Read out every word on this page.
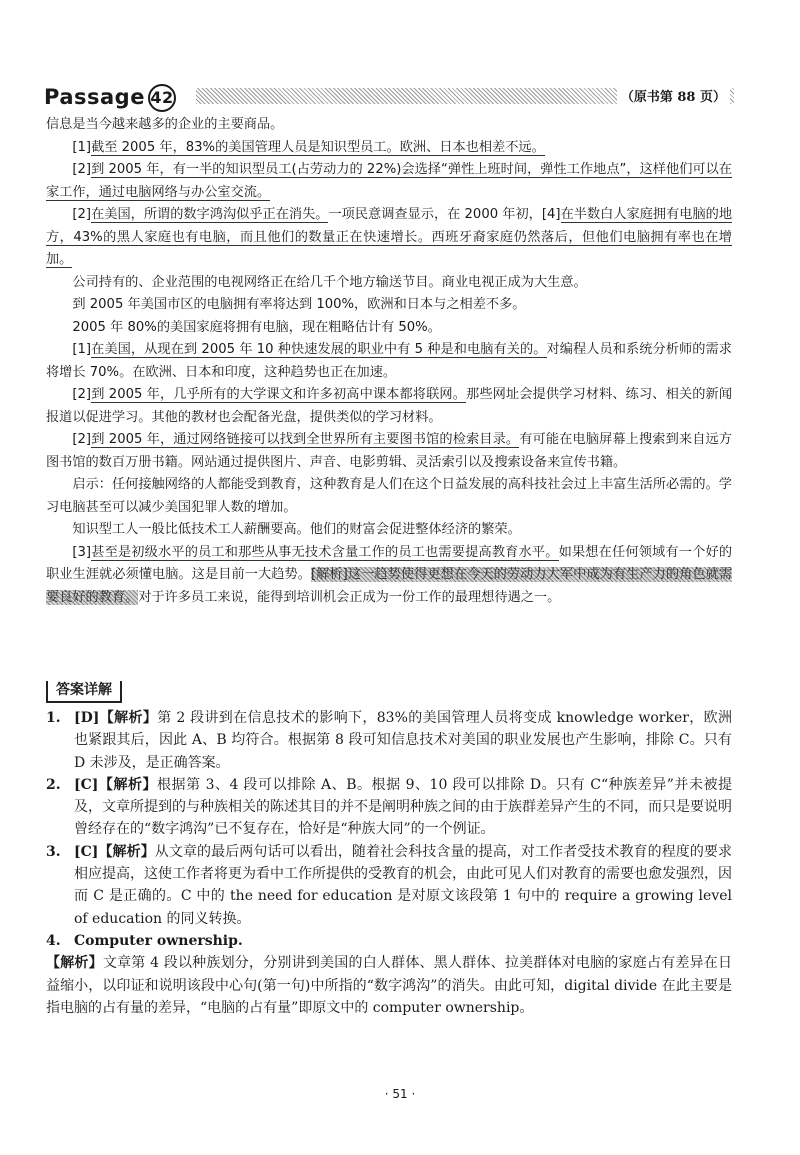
Passage 42	（原书第 88 页）

信息是当今越来越多的企业的主要商品。

[1]截至 2005 年，83%的美国管理人员是知识型员工。欧洲、日本也相差不远。

[2]到 2005 年，有一半的知识型员工(占劳动力的 22%)会选择“弹性上班时间，弹性工作地点”，这样他们可以在家工作，通过电脑网络与办公室交流。

[2]在美国，所谓的数字鸿沟似乎正在消失。一项民意调查显示，在 2000 年初，[4]在半数白人家庭拥有电脑的地方，43%的黑人家庭也有电脑，而且他们的数量正在快速增长。西班牙裔家庭仍然落后，但他们电脑拥有率也在增加。

公司持有的、企业范围的电视网络正在给几千个地方输送节目。商业电视正成为大生意。

到 2005 年美国市区的电脑拥有率将达到 100%，欧洲和日本与之相差不多。

2005 年 80%的美国家庭将拥有电脑，现在粗略估计有 50%。

[1]在美国，从现在到 2005 年 10 种快速发展的职业中有 5 种是和电脑有关的。对编程人员和系统分析师的需求将增长 70%。在欧洲、日本和印度，这种趋势也正在加速。

[2]到 2005 年，几乎所有的大学课文和许多初高中课本都将联网。那些网址会提供学习材料、练习、相关的新闻报道以促进学习。其他的教材也会配备光盘，提供类似的学习材料。

[2]到 2005 年，通过网络链接可以找到全世界所有主要图书馆的检索目录。有可能在电脑屏幕上搜索到来自远方图书馆的数百万册书籍。网站通过提供图片、声音、电影剪辑、灵活索引以及搜索设备来宣传书籍。

启示：任何接触网络的人都能受到教育，这种教育是人们在这个日益发展的高科技社会过上丰富生活所必需的。学习电脑甚至可以减少美国犯罪人数的增加。

知识型工人一般比低技术工人薪酬要高。他们的财富会促进整体经济的繁荣。

[3]甚至是初级水平的员工和那些从事无技术含量工作的员工也需要提高教育水平。如果想在任何领域有一个好的职业生涯就必须懂电脑。这是目前一大趋势。[解析]这一趋势使得更想在今天的劳动力大军中成为有生产力的角色就需要良好的教育。对于许多员工来说，能得到培训机会正成为一份工作的最理想待遇之一。

答案详解

1. [D]【解析】第 2 段讲到在信息技术的影响下，83%的美国管理人员将变成 knowledge worker，欧洲也紧跟其后，因此 A、B 均符合。根据第 8 段可知信息技术对美国的职业发展也产生影响，排除 C。只有 D 未涉及，是正确答案。

2. [C]【解析】根据第 3、4 段可以排除 A、B。根据 9、10 段可以排除 D。只有 C“种族差异”并未被提及，文章所提到的与种族相关的陈述其目的并不是阐明种族之间的由于族群差异产生的不同，而只是要说明曾经存在的“数字鸿沟”已不复存在，恰好是“种族大同”的一个例证。

3. [C]【解析】从文章的最后两句话可以看出，随着社会科技含量的提高，对工作者受技术教育的程度的要求相应提高，这使工作者将更为看中工作所提供的受教育的机会，由此可见人们对教育的需要也愈发强烈，因而 C 是正确的。C 中的 the need for education 是对原文该段第 1 句中的 require a growing level of education 的同义转换。

4. Computer ownership.

【解析】文章第 4 段以种族划分，分别讲到美国的白人群体、黑人群体、拉美群体对电脑的家庭占有差异在日益缩小，以印证和说明该段中心句(第一句)中所指的“数字鸿沟”的消失。由此可知，digital divide 在此主要是指电脑的占有量的差异，“电脑的占有量”即原文中的 computer ownership。

· 51 ·
